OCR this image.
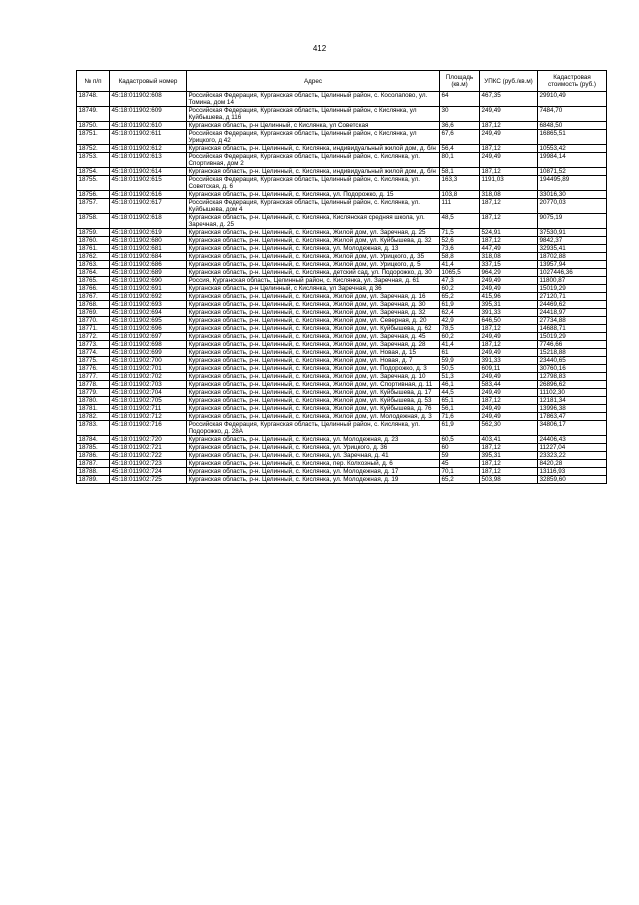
412
№ п/п	Кадастровый номер	Адрес	Площадь (кв.м)	УПКС (руб./кв.м)	Кадастровая стоимость (руб.)
18748.	45:18:011902:608	Российская Федерация, Курганская область, Целинный район, с. Косолапово, ул. Томина, дом 14	64	467,35	29910,49
18749.	45:18:011902:609	Российская Федерация, Курганская область, Целинный район, с Кислянка, ул Куйбышева, д 116	30	249,49	7484,70
18750.	45:18:011902:610	Курганская область, р-н Целинный, с Кислянка, ул Советская	36,6	187,12	6848,50
18751.	45:18:011902:611	Российская Федерация, Курганская область, Целинный район, с Кислянка, ул Урицкого, д 42	67,6	249,49	16865,51
18752.	45:18:011902:612	Курганская область, р-н. Целинный, с. Кислянка, индивидуальный жилой дом, д. б/н	56,4	187,12	10553,42
18753.	45:18:011902:613	Российская Федерация, Курганская область, Целинный район, с. Кислянка, ул. Спортивная, дом 2	80,1	249,49	19984,14
18754.	45:18:011902:614	Курганская область, р-н. Целинный, с. Кислянка, индивидуальный жилой дом, д. б/н	58,1	187,12	10871,52
18755.	45:18:011902:615	Российская Федерация, Курганская область, Целинный район, с. Кислянка, ул. Советская, д. 6	163,3	1191,03	194495,89
18756.	45:18:011902:616	Курганская область, р-н. Целинный, с. Кислянка, ул. Подорожко, д. 15	103,8	318,08	33016,30
18757.	45:18:011902:617	Российская Федерация, Курганская область, Целинный район, с. Кислянка, ул. Куйбышева, дом 4	111	187,12	20770,03
18758.	45:18:011902:618	Курганская область, р-н. Целинный, с. Кислянка, Кислянская средняя школа, ул. Заречная, д. 25	48,5	187,12	9075,19
18759.	45:18:011902:619	Курганская область, р-н. Целинный, с. Кислянка, Жилой дом, ул. Заречная, д. 25	71,5	524,91	37530,91
18760.	45:18:011902:680	Курганская область, р-н. Целинный, с. Кислянка, Жилой дом, ул. Куйбышева, д. 32	52,6	187,12	9842,37
18761.	45:18:011902:681	Курганская область, р-н. Целинный, с. Кислянка, ул. Молодежная, д. 13	73,6	447,49	32935,41
18762.	45:18:011902:684	Курганская область, р-н. Целинный, с. Кислянка, Жилой дом, ул. Урицкого, д. 35	58,8	318,08	18702,88
18763.	45:18:011902:686	Курганская область, р-н. Целинный, с. Кислянка, Жилой дом, ул. Урицкого, д. 5	41,4	337,15	13957,94
18764.	45:18:011902:689	Курганская область, р-н. Целинный, с. Кислянка, детский сад, ул. Подорожко, д. 30	1065,5	964,29	1027446,36
18765.	45:18:011902:690	Россия, Курганская область, Целинный район, с. Кислянка, ул. Заречная, д. 61	47,3	249,49	11800,87
18766.	45:18:011902:691	Курганская область, р-н Целинный, с Кислянка, ул Заречная, д 36	60,2	249,49	15019,29
18767.	45:18:011902:692	Курганская область, р-н. Целинный, с. Кислянка, Жилой дом, ул. Заречная, д. 16	65,2	415,96	27120,71
18768.	45:18:011902:693	Курганская область, р-н. Целинный, с. Кислянка, Жилой дом, ул. Заречная, д. 30	61,9	395,31	24469,62
18769.	45:18:011902:694	Курганская область, р-н. Целинный, с. Кислянка, Жилой дом, ул. Заречная, д. 32	62,4	391,33	24418,97
18770.	45:18:011902:695	Курганская область, р-н. Целинный, с. Кислянка, Жилой дом, ул. Северная, д. 20	42,9	646,50	27734,88
18771.	45:18:011902:696	Курганская область, р-н. Целинный, с. Кислянка, Жилой дом, ул. Куйбышева, д. 62	78,5	187,12	14688,71
18772.	45:18:011902:697	Курганская область, р-н. Целинный, с. Кислянка, Жилой дом, ул. Заречная, д. 45	60,2	249,49	15019,29
18773.	45:18:011902:698	Курганская область, р-н. Целинный, с. Кислянка, Жилой дом, ул. Заречная, д. 28	41,4	187,12	7746,66
18774.	45:18:011902:699	Курганская область, р-н. Целинный, с. Кислянка, Жилой дом, ул. Новая, д. 15	61	249,49	15218,88
18775.	45:18:011902:700	Курганская область, р-н. Целинный, с. Кислянка, Жилой дом, ул. Новая, д. 7	59,9	391,33	23440,65
18776.	45:18:011902:701	Курганская область, р-н. Целинный, с. Кислянка, Жилой дом, ул. Подорожко, д. 3	50,5	609,11	30760,16
18777.	45:18:011902:702	Курганская область, р-н. Целинный, с. Кислянка, Жилой дом, ул. Заречная, д. 10	51,3	249,49	12798,83
18778.	45:18:011902:703	Курганская область, р-н. Целинный, с. Кислянка, Жилой дом, ул. Спортивная, д. 11	46,1	583,44	26896,62
18779.	45:18:011902:704	Курганская область, р-н. Целинный, с. Кислянка, Жилой дом, ул. Куйбышева, д. 17	44,5	249,49	11102,30
18780.	45:18:011902:705	Курганская область, р-н. Целинный, с. Кислянка, Жилой дом, ул. Куйбышева, д. 53	65,1	187,12	12181,34
18781.	45:18:011902:711	Курганская область, р-н. Целинный, с. Кислянка, Жилой дом, ул. Куйбышева, д. 76	56,1	249,49	13996,38
18782.	45:18:011902:712	Курганская область, р-н. Целинный, с. Кислянка, Жилой дом, ул. Молодежная, д. 3	71,6	249,49	17863,47
18783.	45:18:011902:716	Российская Федерация, Курганская область, Целинный район, с. Кислянка, ул. Подорожко, д. 28А	61,9	562,30	34806,17
18784.	45:18:011902:720	Курганская область, р-н. Целинный, с. Кислянка, ул. Молодежная, д. 23	60,5	403,41	24406,43
18785.	45:18:011902:721	Курганская область, р-н. Целинный, с. Кислянка, ул. Урицкого, д. 36	60	187,12	11227,04
18786.	45:18:011902:722	Курганская область, р-н. Целинный, с. Кислянка, ул. Заречная, д. 41	59	395,31	23323,22
18787.	45:18:011902:723	Курганская область, р-н. Целинный, с. Кислянка, пер. Колхозный, д. 6	45	187,12	8420,28
18788.	45:18:011902:724	Курганская область, р-н. Целинный, с. Кислянка, ул. Молодежная, д. 17	70,1	187,12	13116,93
18789.	45:18:011902:725	Курганская область, р-н. Целинный, с. Кислянка, ул. Молодежная, д. 19	65,2	503,98	32859,60
